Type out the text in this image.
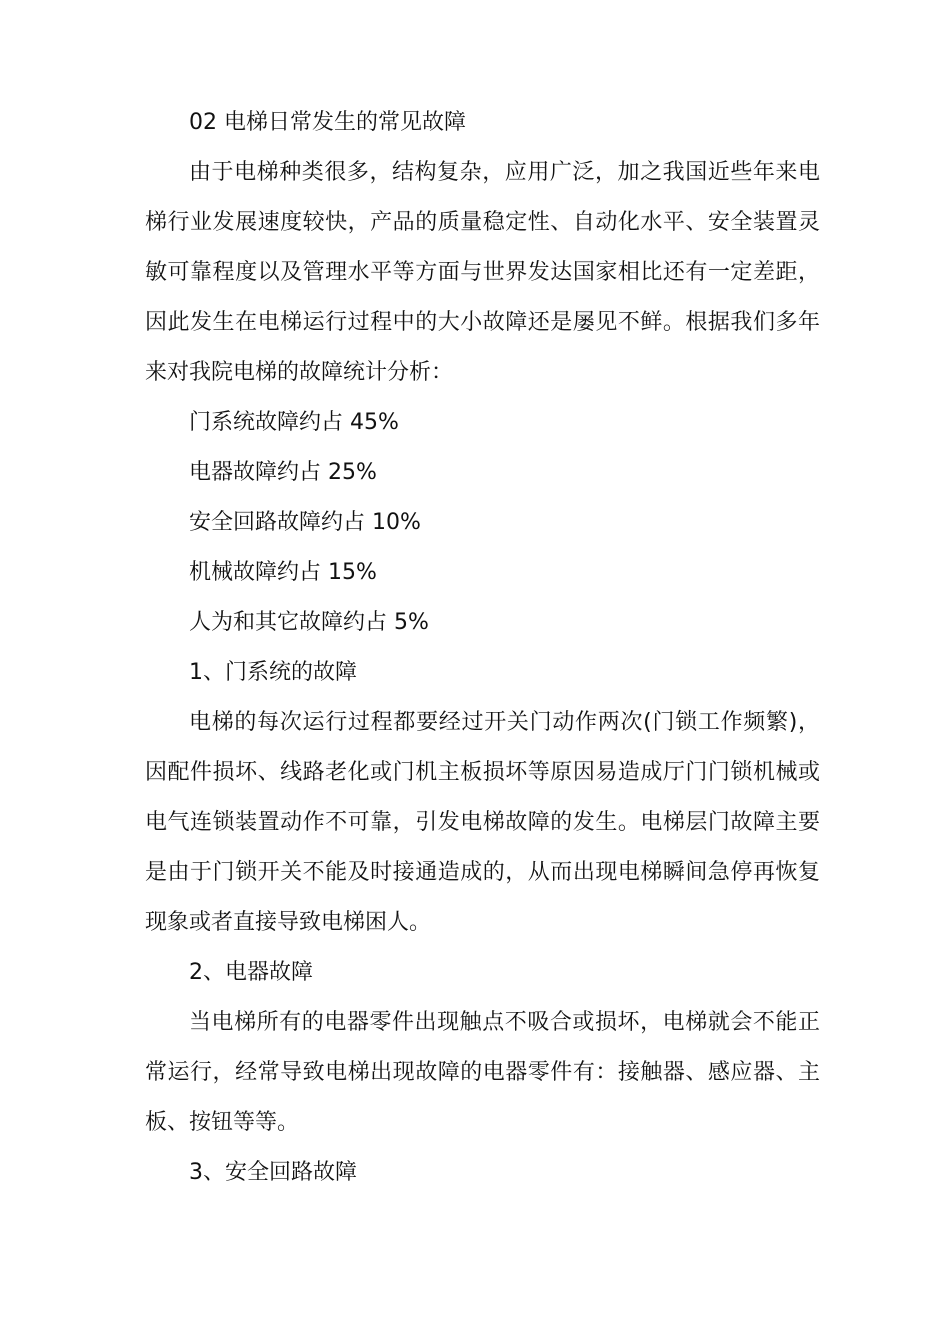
02 电梯日常发生的常见故障

由于电梯种类很多，结构复杂，应用广泛，加之我国近些年来电梯行业发展速度较快，产品的质量稳定性、自动化水平、安全装置灵敏可靠程度以及管理水平等方面与世界发达国家相比还有一定差距，因此发生在电梯运行过程中的大小故障还是屡见不鲜。根据我们多年来对我院电梯的故障统计分析：

门系统故障约占 45%

电器故障约占 25%

安全回路故障约占 10%

机械故障约占 15%

人为和其它故障约占 5%

1、门系统的故障

电梯的每次运行过程都要经过开关门动作两次(门锁工作频繁)，因配件损坏、线路老化或门机主板损坏等原因易造成厅门门锁机械或电气连锁装置动作不可靠，引发电梯故障的发生。电梯层门故障主要是由于门锁开关不能及时接通造成的，从而出现电梯瞬间急停再恢复现象或者直接导致电梯困人。

2、电器故障

当电梯所有的电器零件出现触点不吸合或损坏，电梯就会不能正常运行，经常导致电梯出现故障的电器零件有：接触器、感应器、主板、按钮等等。

3、安全回路故障
